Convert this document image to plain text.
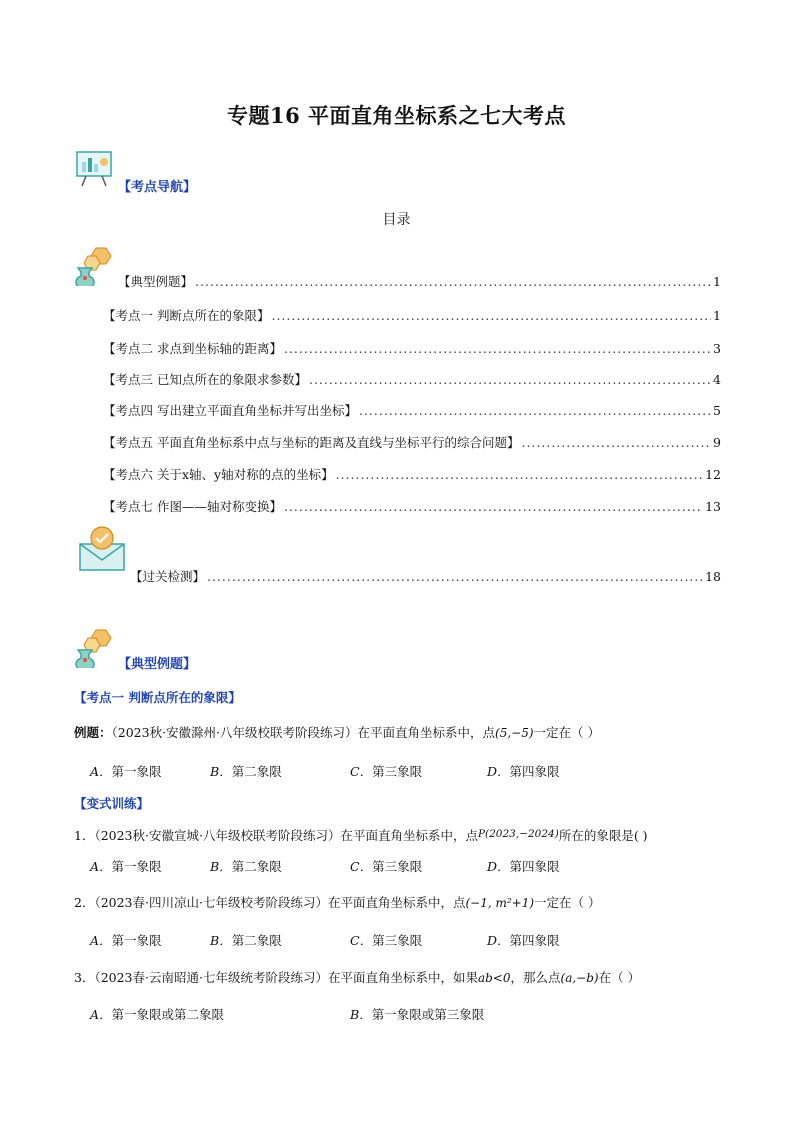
专题16 平面直角坐标系之七大考点
【考点导航】
目录
【典型例题】 .....	1
【考点一 判断点所在的象限】 .....	1
【考点二 求点到坐标轴的距离】 .....	3
【考点三 已知点所在的象限求参数】 .....	4
【考点四 写出建立平面直角坐标并写出坐标】 .....	5
【考点五 平面直角坐标系中点与坐标的距离及直线与坐标平行的综合问题】 .....	9
【考点六 关于x轴、y轴对称的点的坐标】 .....	12
【考点七 作图——轴对称变换】 .....	13
【过关检测】 .....	18
【典型例题】
【考点一 判断点所在的象限】
例题：（2023秋·安徽滁州·八年级校联考阶段练习）在平面直角坐标系中，点(5,−5)一定在（ ）
A．第一象限	B．第二象限	C．第三象限	D．第四象限
【变式训练】
1．（2023秋·安徽宣城·八年级校联考阶段练习）在平面直角坐标系中，点$^{P(2023,-2024)}$所在的象限是( )
A．第一象限	B．第二象限	C．第三象限	D．第四象限
2．（2023春·四川凉山·七年级校考阶段练习）在平面直角坐标系中，点(−1, m²+1)一定在（ ）
A．第一象限	B．第二象限	C．第三象限	D．第四象限
3．（2023春·云南昭通·七年级统考阶段练习）在平面直角坐标系中，如果ab<0，那么点(a,−b)在（ ）
A．第一象限或第二象限	B．第一象限或第三象限
